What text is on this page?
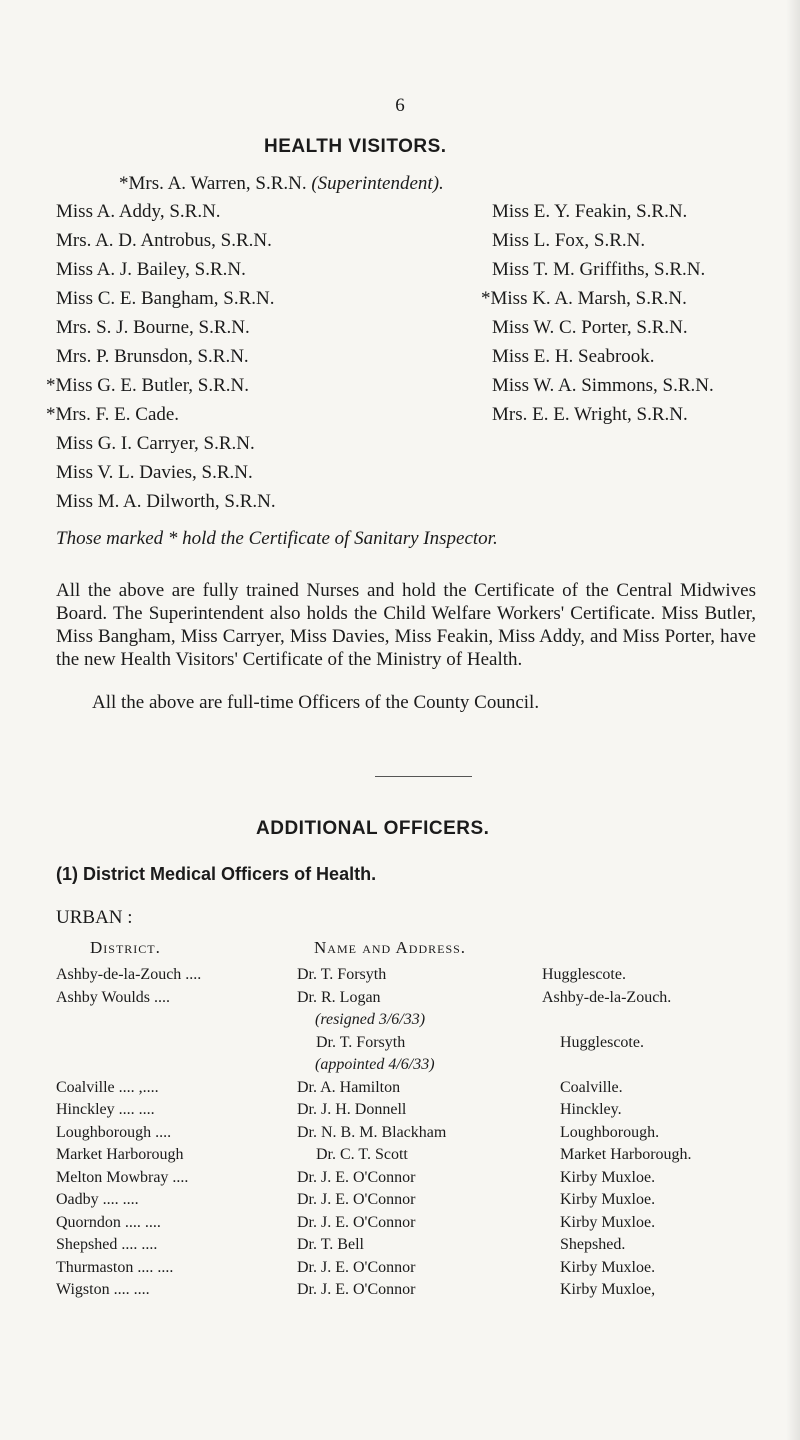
6
HEALTH VISITORS.
*Mrs. A. Warren, S.R.N. (Superintendent).
Miss A. Addy, S.R.N.
Mrs. A. D. Antrobus, S.R.N.
Miss A. J. Bailey, S.R.N.
Miss C. E. Bangham, S.R.N.
Mrs. S. J. Bourne, S.R.N.
Mrs. P. Brunsdon, S.R.N.
*Miss G. E. Butler, S.R.N.
*Mrs. F. E. Cade.
Miss G. I. Carryer, S.R.N.
Miss V. L. Davies, S.R.N.
Miss M. A. Dilworth, S.R.N.
Miss E. Y. Feakin, S.R.N.
Miss L. Fox, S.R.N.
Miss T. M. Griffiths, S.R.N.
*Miss K. A. Marsh, S.R.N.
Miss W. C. Porter, S.R.N.
Miss E. H. Seabrook.
Miss W. A. Simmons, S.R.N.
Mrs. E. E. Wright, S.R.N.
Those marked * hold the Certificate of Sanitary Inspector.
All the above are fully trained Nurses and hold the Certificate of the Central Midwives Board. The Superintendent also holds the Child Welfare Workers' Certificate. Miss Butler, Miss Bangham, Miss Carryer, Miss Davies, Miss Feakin, Miss Addy, and Miss Porter, have the new Health Visitors' Certificate of the Ministry of Health.
All the above are full-time Officers of the County Council.
ADDITIONAL OFFICERS.
(1) District Medical Officers of Health.
URBAN :
District.	Name and Address.
Ashby-de-la-Zouch ....	Dr. T. Forsyth	Hugglescote.
Ashby Woulds ....	Dr. R. Logan	Ashby-de-la-Zouch.
(resigned 3/6/33)
Dr. T. Forsyth	Hugglescote.
(appointed 4/6/33)
Coalville .... ,....	Dr. A. Hamilton	Coalville.
Hinckley .... ....	Dr. J. H. Donnell	Hinckley.
Loughborough ....	Dr. N. B. M. Blackham	Loughborough.
Market Harborough	Dr. C. T. Scott	Market Harborough.
Melton Mowbray ....	Dr. J. E. O'Connor	Kirby Muxloe.
Oadby .... ....	Dr. J. E. O'Connor	Kirby Muxloe.
Quorndon .... ....	Dr. J. E. O'Connor	Kirby Muxloe.
Shepshed .... ....	Dr. T. Bell	Shepshed.
Thurmaston .... ....	Dr. J. E. O'Connor	Kirby Muxloe.
Wigston .... ....	Dr. J. E. O'Connor	Kirby Muxloe,
